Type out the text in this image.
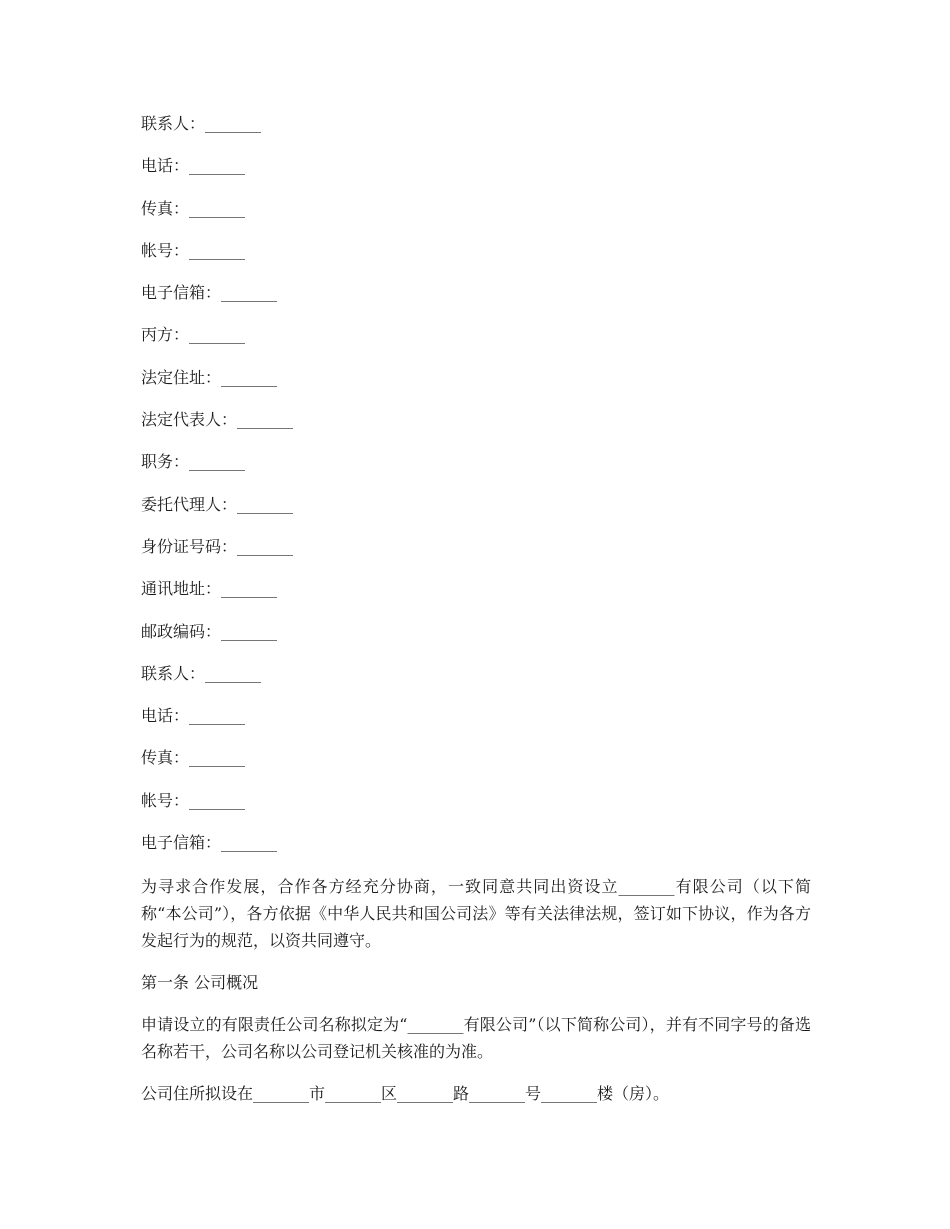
联系人：_______
电话：_______
传真：_______
帐号：_______
电子信箱：_______
丙方：_______
法定住址：_______
法定代表人：_______
职务：_______
委托代理人：_______
身份证号码：_______
通讯地址：_______
邮政编码：_______
联系人：_______
电话：_______
传真：_______
帐号：_______
电子信箱：_______

为寻求合作发展，合作各方经充分协商，一致同意共同出资设立_______有限公司（以下简称“本公司”），各方依据《中华人民共和国公司法》等有关法律法规，签订如下协议，作为各方发起行为的规范，以资共同遵守。

第一条 公司概况

申请设立的有限责任公司名称拟定为“_______有限公司”（以下简称公司），并有不同字号的备选名称若干，公司名称以公司登记机关核准的为准。

公司住所拟设在_______市_______区_______路_______号_______楼（房）。
